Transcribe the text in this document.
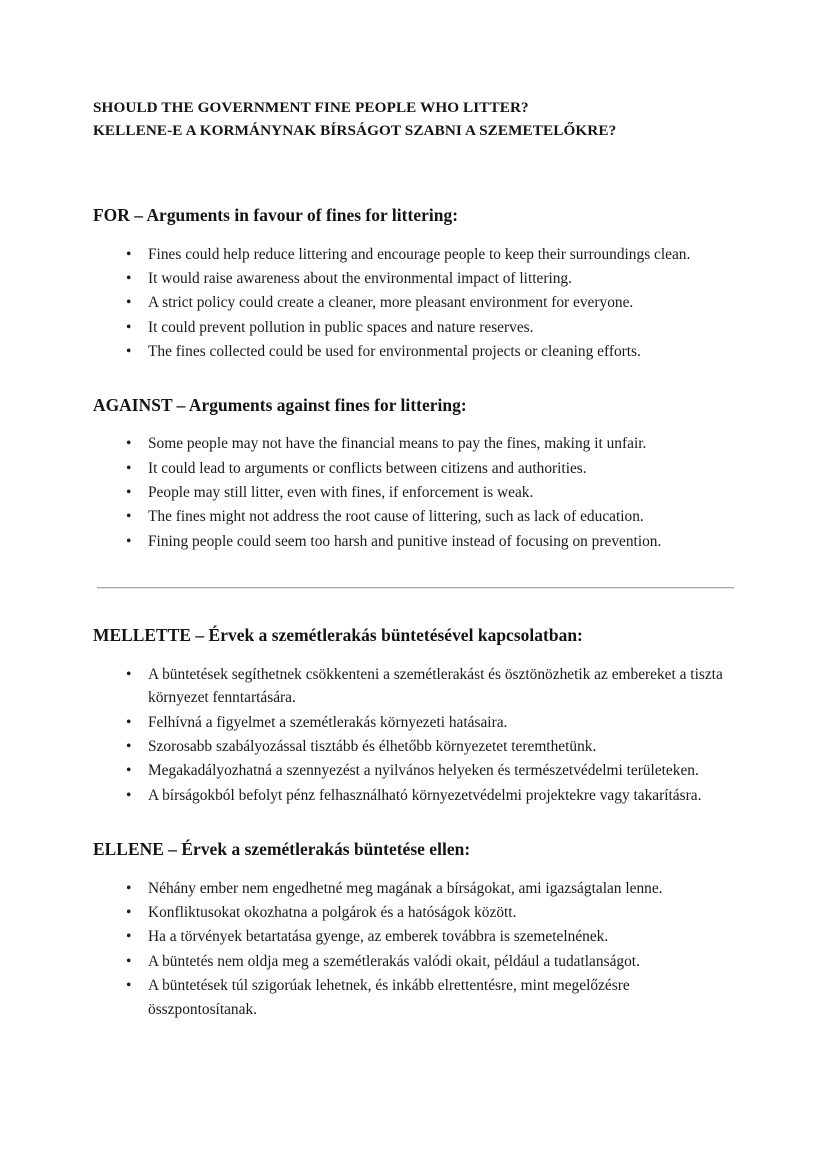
SHOULD THE GOVERNMENT FINE PEOPLE WHO LITTER?
KELLENE-E A KORMÁNYNAK BÍRSÁGOT SZABNI A SZEMETELŐKRE?
FOR – Arguments in favour of fines for littering:
• Fines could help reduce littering and encourage people to keep their surroundings clean.
• It would raise awareness about the environmental impact of littering.
• A strict policy could create a cleaner, more pleasant environment for everyone.
• It could prevent pollution in public spaces and nature reserves.
• The fines collected could be used for environmental projects or cleaning efforts.
AGAINST – Arguments against fines for littering:
• Some people may not have the financial means to pay the fines, making it unfair.
• It could lead to arguments or conflicts between citizens and authorities.
• People may still litter, even with fines, if enforcement is weak.
• The fines might not address the root cause of littering, such as lack of education.
• Fining people could seem too harsh and punitive instead of focusing on prevention.
MELLETTE – Érvek a szemétlerakás büntetésével kapcsolatban:
• A büntetések segíthetnek csökkenteni a szemétlerakást és ösztönözhetik az embereket a tiszta környezet fenntartására.
• Felhívná a figyelmet a szemétlerakás környezeti hatásaira.
• Szorosabb szabályozással tisztább és élhetőbb környezetet teremthetünk.
• Megakadályozhatná a szennyezést a nyilvános helyeken és természetvédelmi területeken.
• A bírságokból befolyt pénz felhasználható környezetvédelmi projektekre vagy takarításra.
ELLENE – Érvek a szemétlerakás büntetése ellen:
• Néhány ember nem engedhetné meg magának a bírságokat, ami igazságtalan lenne.
• Konfliktusokat okozhatna a polgárok és a hatóságok között.
• Ha a törvények betartatása gyenge, az emberek továbbra is szemetelnének.
• A büntetés nem oldja meg a szemétlerakás valódi okait, például a tudatlanságot.
• A büntetések túl szigorúak lehetnek, és inkább elrettentésre, mint megelőzésre összpontosítanak.
